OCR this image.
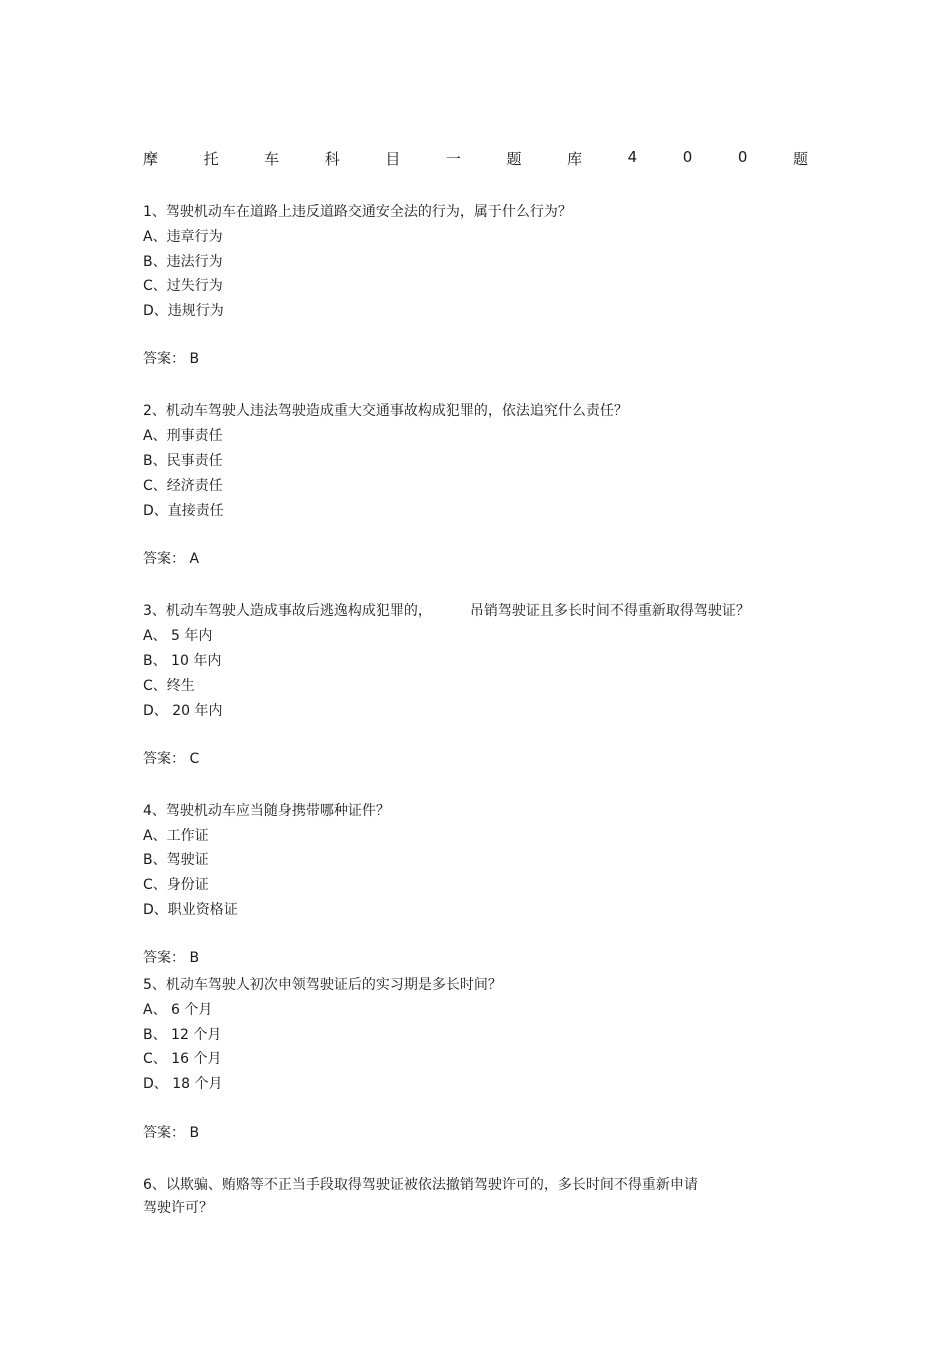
摩	托	车	科	目	一	题	库	4	0	0	题
1、驾驶机动车在道路上违反道路交通安全法的行为，属于什么行为？
A、违章行为
B、违法行为
C、过失行为
D、违规行为
答案： B
2、机动车驾驶人违法驾驶造成重大交通事故构成犯罪的，依法追究什么责任？
A、刑事责任
B、民事责任
C、经济责任
D、直接责任
答案： A
3、机动车驾驶人造成事故后逃逸构成犯罪的，	吊销驾驶证且多长时间不得重新取得驾驶证？
A、 5 年内
B、 10 年内
C、终生
D、 20 年内
答案： C
4、驾驶机动车应当随身携带哪种证件？
A、工作证
B、驾驶证
C、身份证
D、职业资格证
答案： B
5、机动车驾驶人初次申领驾驶证后的实习期是多长时间？
A、 6 个月
B、 12 个月
C、 16 个月
D、 18 个月
答案： B
6、以欺骗、贿赂等不正当手段取得驾驶证被依法撤销驾驶许可的，多长时间不得重新申请
驾驶许可？
